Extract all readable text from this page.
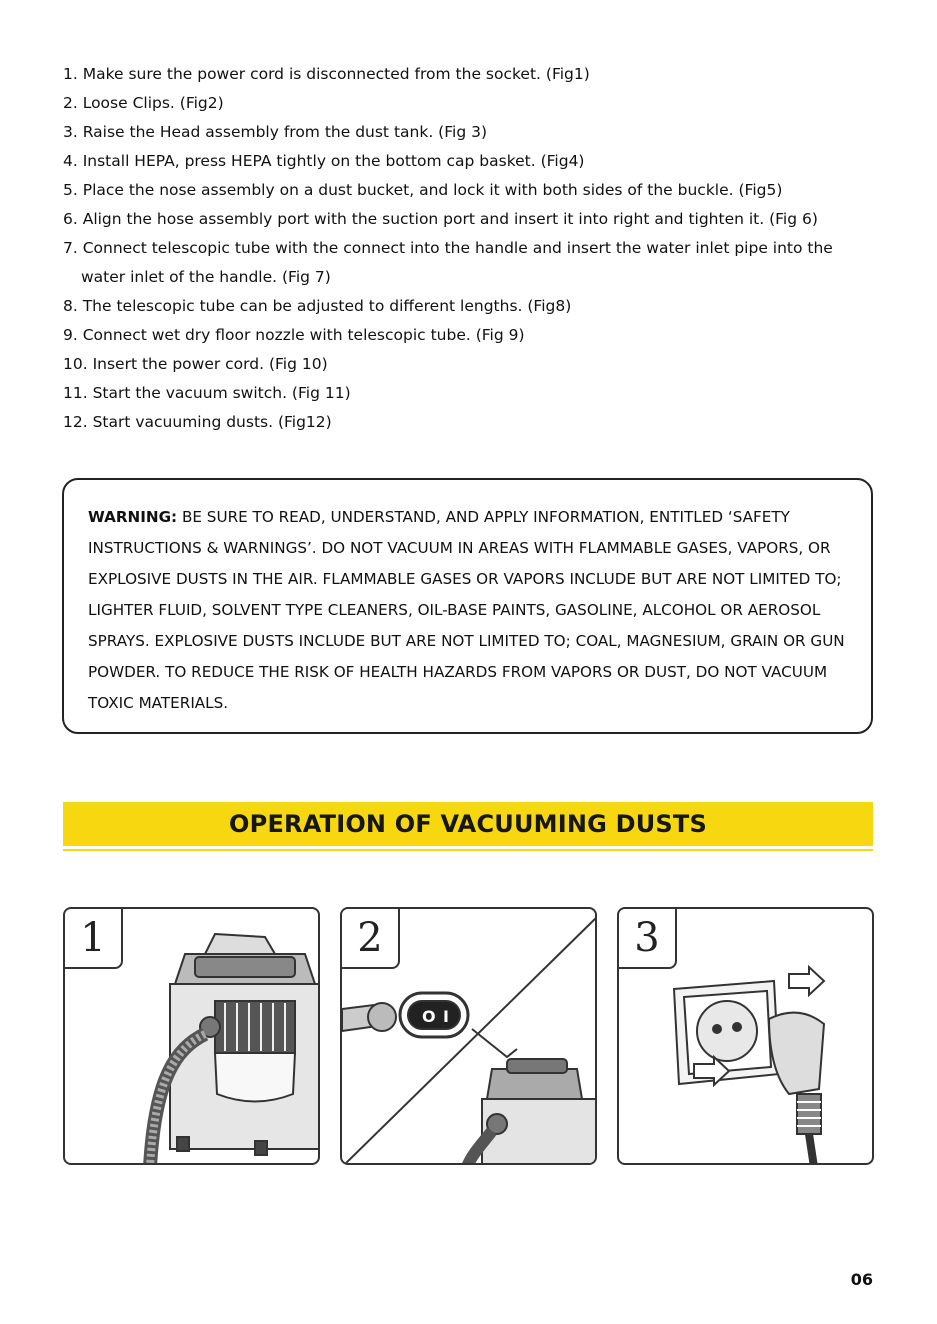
1. Make sure the power cord is disconnected from the socket. (Fig1)

2. Loose Clips. (Fig2)

3. Raise the Head assembly from the dust tank. (Fig 3)

4. Install HEPA, press HEPA tightly on the bottom cap basket. (Fig4)

5. Place the nose assembly on a dust bucket, and lock it with both sides of the buckle. (Fig5)

6. Align the hose assembly port with the suction port and insert it into right and tighten it. (Fig 6)

7. Connect telescopic tube with the connect into the handle and insert the water inlet pipe into the water inlet of the handle. (Fig 7)

8. The telescopic tube can be adjusted to different lengths. (Fig8)

9. Connect wet dry floor nozzle with telescopic tube. (Fig 9)

10. Insert the power cord. (Fig 10)

11. Start the vacuum switch. (Fig 11)

12. Start vacuuming dusts. (Fig12)

WARNING: BE SURE TO READ, UNDERSTAND, AND APPLY INFORMATION, ENTITLED ‘SAFETY INSTRUCTIONS & WARNINGS’. DO NOT VACUUM IN AREAS WITH FLAMMABLE GASES, VAPORS, OR EXPLOSIVE DUSTS IN THE AIR. FLAMMABLE GASES OR VAPORS INCLUDE BUT ARE NOT LIMITED TO; LIGHTER FLUID, SOLVENT TYPE CLEANERS, OIL-BASE PAINTS, GASOLINE, ALCOHOL OR AEROSOL SPRAYS. EXPLOSIVE DUSTS INCLUDE BUT ARE NOT LIMITED TO; COAL, MAGNESIUM, GRAIN OR GUN POWDER. TO REDUCE THE RISK OF HEALTH HAZARDS FROM VAPORS OR DUST, DO NOT VACUUM TOXIC MATERIALS.

OPERATION OF VACUUMING DUSTS
1
O I
2	3
06
